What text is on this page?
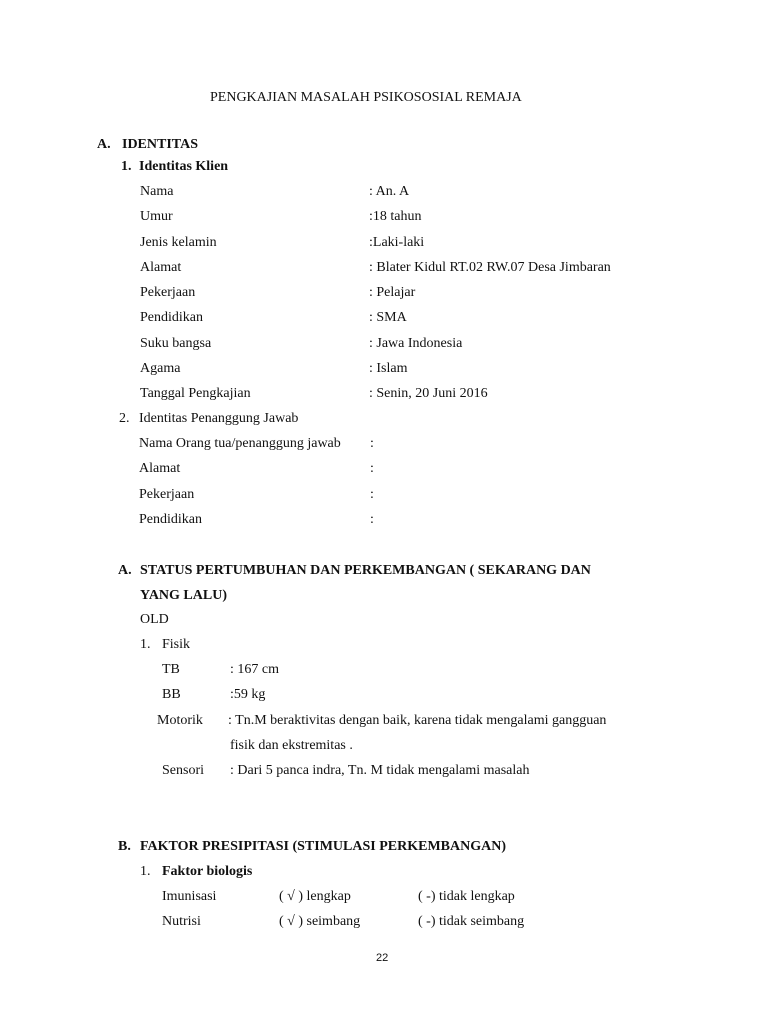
PENGKAJIAN MASALAH PSIKOSOSIAL REMAJA
A. IDENTITAS
1. Identitas Klien
Nama	: An. A
Umur	:18 tahun
Jenis kelamin	:Laki-laki
Alamat	: Blater Kidul RT.02 RW.07 Desa Jimbaran
Pekerjaan	: Pelajar
Pendidikan	: SMA
Suku bangsa	: Jawa Indonesia
Agama	: Islam
Tanggal Pengkajian	: Senin, 20 Juni 2016
2. Identitas Penanggung Jawab
Nama Orang tua/penanggung jawab :
Alamat	:
Pekerjaan	:
Pendidikan	:
A. STATUS PERTUMBUHAN DAN PERKEMBANGAN ( SEKARANG DAN
YANG LALU)
OLD
1. Fisik
TB	: 167 cm
BB	:59 kg
Motorik : Tn.M beraktivitas dengan baik, karena tidak mengalami gangguan
fisik dan ekstremitas .
Sensori : Dari 5 panca indra, Tn. M tidak mengalami masalah
B. FAKTOR PRESIPITASI (STIMULASI PERKEMBANGAN)
1. Faktor biologis
Imunisasi	( √ ) lengkap	( -) tidak lengkap
Nutrisi	( √ ) seimbang	( -) tidak seimbang
22
